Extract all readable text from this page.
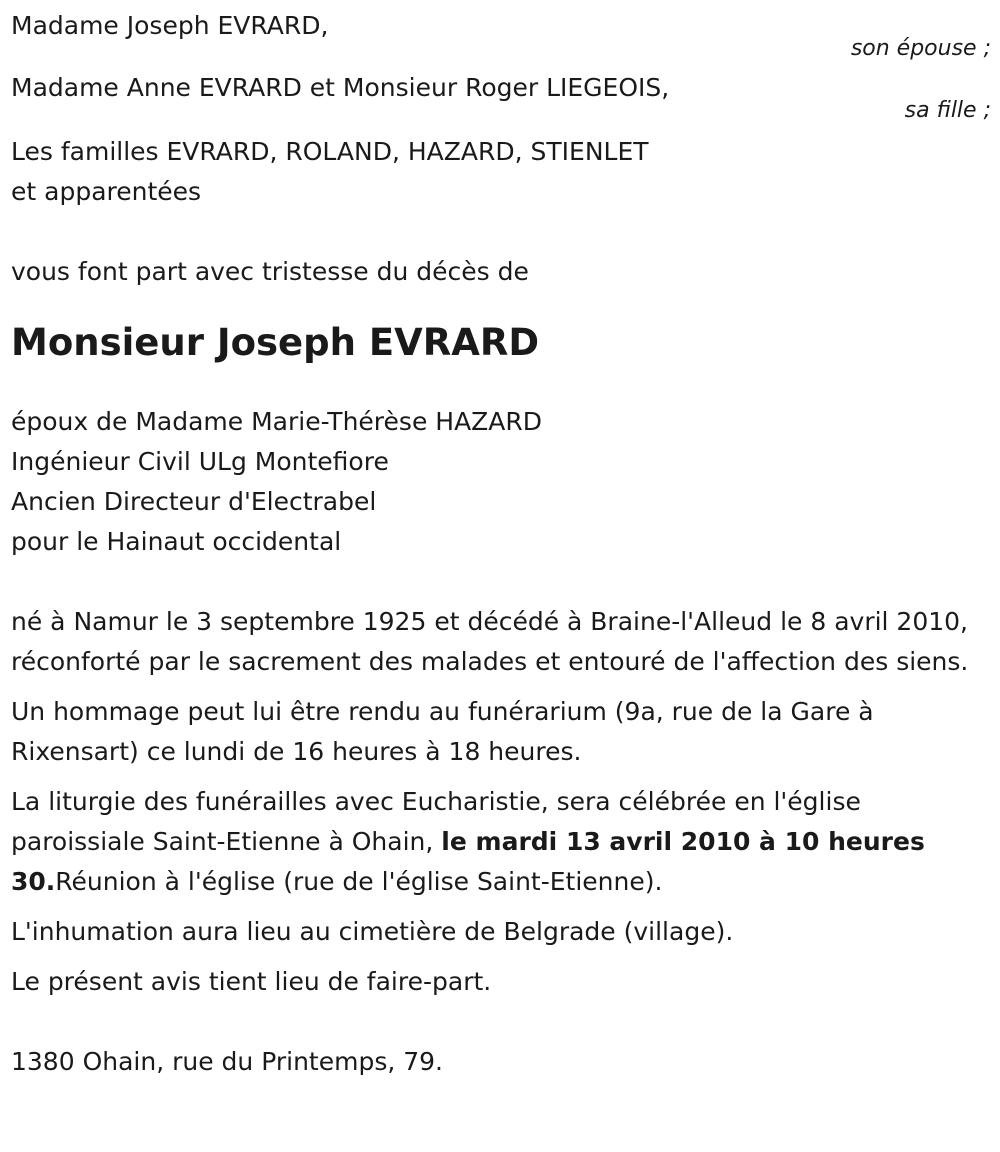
Madame Joseph EVRARD,
son épouse ;
Madame Anne EVRARD et Monsieur Roger LIEGEOIS,
sa fille ;
Les familles EVRARD, ROLAND, HAZARD, STIENLET
et apparentées
vous font part avec tristesse du décès de
Monsieur Joseph EVRARD
époux de Madame Marie-Thérèse HAZARD
Ingénieur Civil ULg Montefiore
Ancien Directeur d'Electrabel
pour le Hainaut occidental
né à Namur le 3 septembre 1925 et décédé à Braine-l'Alleud le 8 avril 2010, réconforté par le sacrement des malades et entouré de l'affection des siens.
Un hommage peut lui être rendu au funérarium (9a, rue de la Gare à Rixensart) ce lundi de 16 heures à 18 heures.
La liturgie des funérailles avec Eucharistie, sera célébrée en l'église paroissiale Saint-Etienne à Ohain, le mardi 13 avril 2010 à 10 heures 30.Réunion à l'église (rue de l'église Saint-Etienne).
L'inhumation aura lieu au cimetière de Belgrade (village).
Le présent avis tient lieu de faire-part.
1380 Ohain, rue du Printemps, 79.
